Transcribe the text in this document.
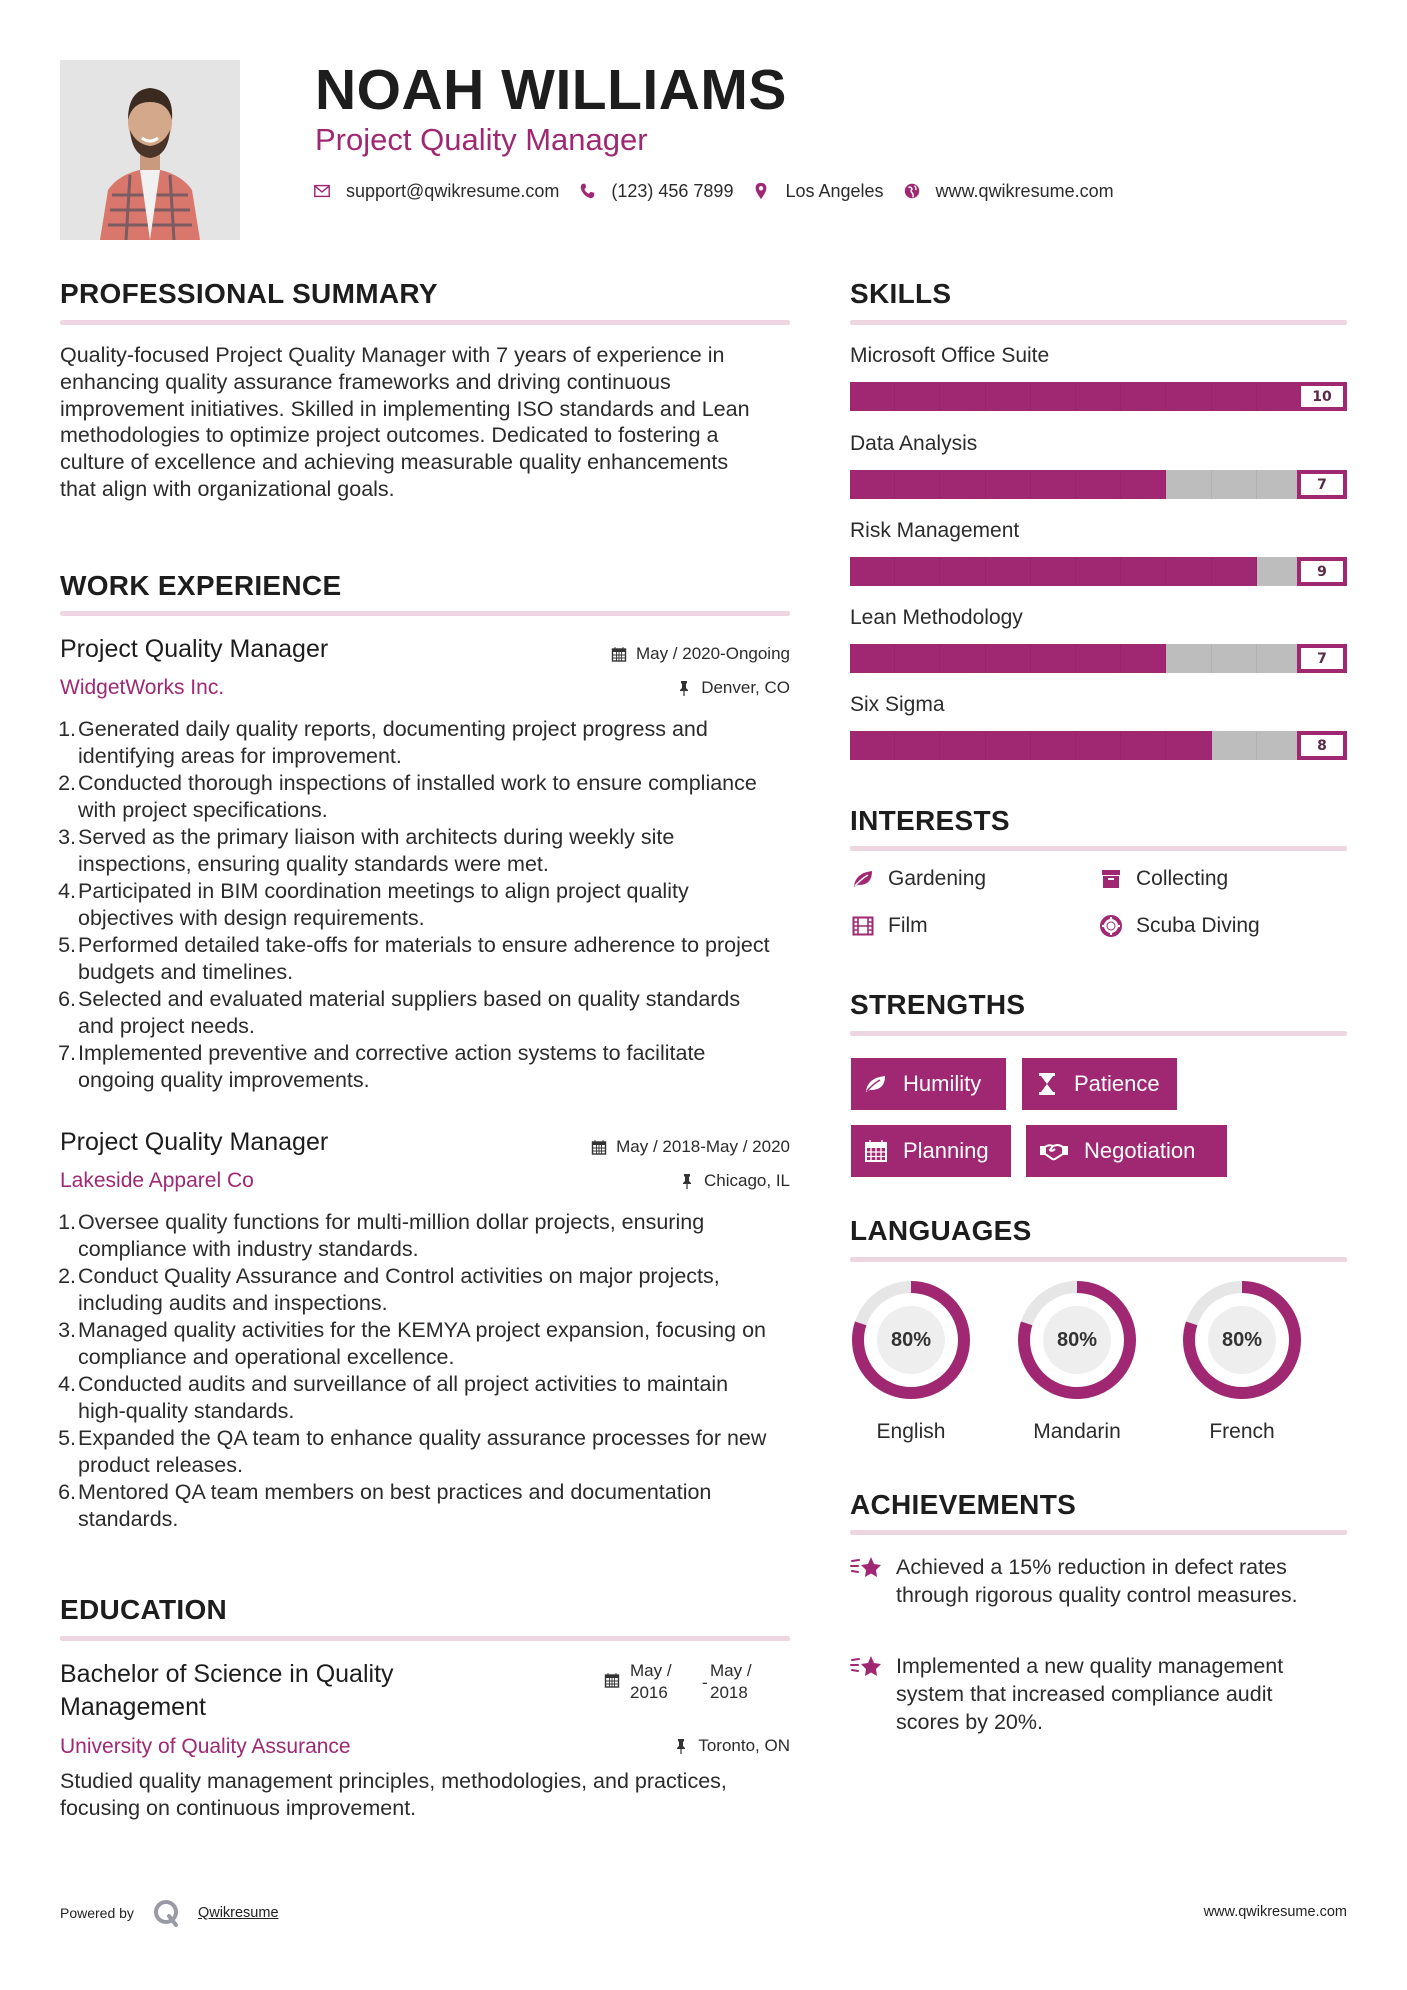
NOAH WILLIAMS
Project Quality Manager
support@qwikresume.com	(123) 456 7899	Los Angeles	www.qwikresume.com
PROFESSIONAL SUMMARY
Quality-focused Project Quality Manager with 7 years of experience in enhancing quality assurance frameworks and driving continuous improvement initiatives. Skilled in implementing ISO standards and Lean methodologies to optimize project outcomes. Dedicated to fostering a culture of excellence and achieving measurable quality enhancements that align with organizational goals.
WORK EXPERIENCE
Project Quality Manager
WidgetWorks Inc.
May / 2020-Ongoing
Denver, CO
1. Generated daily quality reports, documenting project progress and identifying areas for improvement.
2. Conducted thorough inspections of installed work to ensure compliance with project specifications.
3. Served as the primary liaison with architects during weekly site inspections, ensuring quality standards were met.
4. Participated in BIM coordination meetings to align project quality objectives with design requirements.
5. Performed detailed take-offs for materials to ensure adherence to project budgets and timelines.
6. Selected and evaluated material suppliers based on quality standards and project needs.
7. Implemented preventive and corrective action systems to facilitate ongoing quality improvements.
Project Quality Manager
Lakeside Apparel Co
May / 2018-May / 2020
Chicago, IL
1. Oversee quality functions for multi-million dollar projects, ensuring compliance with industry standards.
2. Conduct Quality Assurance and Control activities on major projects, including audits and inspections.
3. Managed quality activities for the KEMYA project expansion, focusing on compliance and operational excellence.
4. Conducted audits and surveillance of all project activities to maintain high-quality standards.
5. Expanded the QA team to enhance quality assurance processes for new product releases.
6. Mentored QA team members on best practices and documentation standards.
EDUCATION
Bachelor of Science in Quality Management
May /
2016
-
May /
2018
University of Quality Assurance	Toronto, ON
Studied quality management principles, methodologies, and practices, focusing on continuous improvement.
SKILLS
Microsoft Office Suite
10
Data Analysis
7
Risk Management
9
Lean Methodology
7
Six Sigma
8
INTERESTS
Gardening	Collecting
Film	Scuba Diving
STRENGTHS
Humility	Patience
Planning	Negotiation
LANGUAGES
80%
English
80%
Mandarin
80%
French
ACHIEVEMENTS
Achieved a 15% reduction in defect rates through rigorous quality control measures.
Implemented a new quality management system that increased compliance audit scores by 20%.
Powered by	Qwikresume	www.qwikresume.com
